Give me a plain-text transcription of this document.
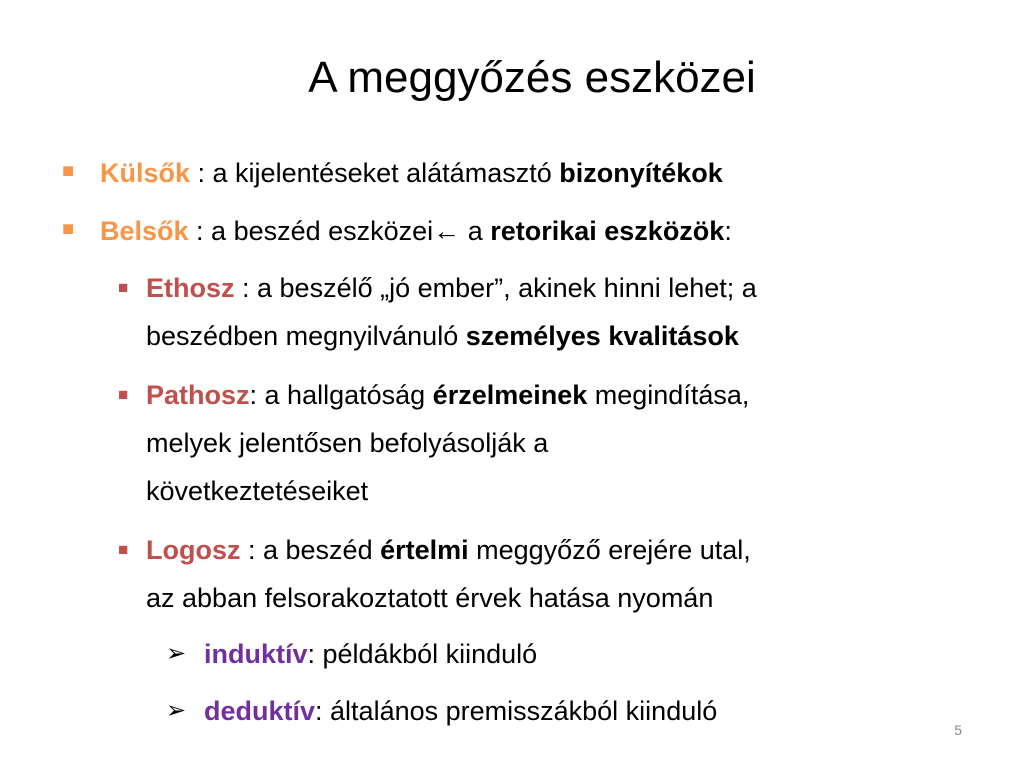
A meggyőzés eszközei
■ Külsők : a kijelentéseket alátámasztó bizonyítékok
■ Belsők : a beszéd eszközei← a retorikai eszközök:
■ Ethosz : a beszélő „jó ember”, akinek hinni lehet; a
beszédben megnyilvánuló személyes kvalitások
■ Pathosz: a hallgatóság érzelmeinek megindítása,
melyek jelentősen befolyásolják a
következtetéseiket
■ Logosz : a beszéd értelmi meggyőző erejére utal,
az abban felsorakoztatott érvek hatása nyomán
➢ induktív: példákból kiinduló
➢ deduktív: általános premisszákból kiinduló
5
